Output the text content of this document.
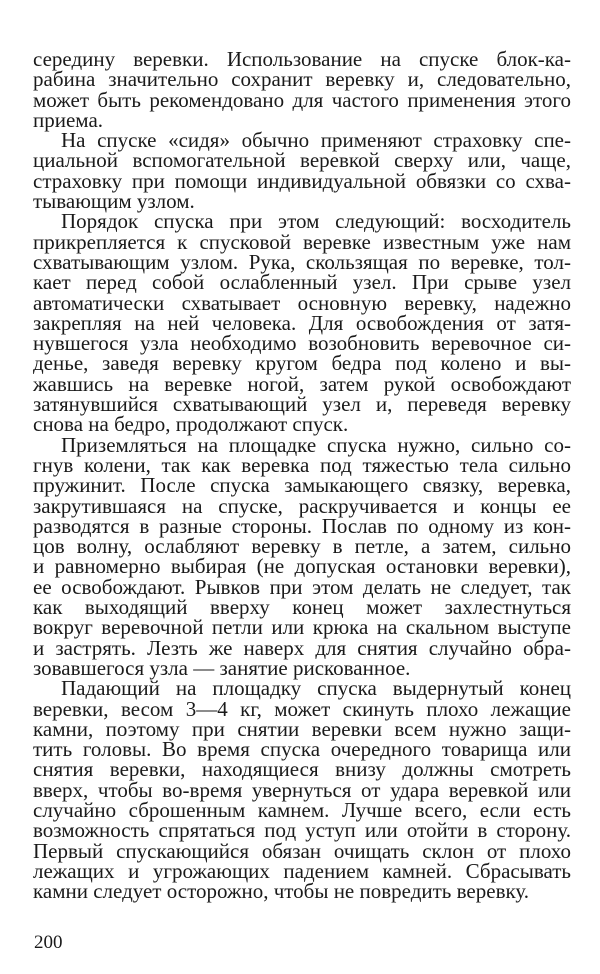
середину веревки. Использование на спуске блок-ка-
рабина значительно сохранит веревку и, следовательно,
может быть рекомендовано для частого применения этого
приема.
На спуске «сидя» обычно применяют страховку спе-
циальной вспомогательной веревкой сверху или, чаще,
страховку при помощи индивидуальной обвязки со схва-
тывающим узлом.
Порядок спуска при этом следующий: восходитель
прикрепляется к спусковой веревке известным уже нам
схватывающим узлом. Рука, скользящая по веревке, тол-
кает перед собой ослабленный узел. При срыве узел
автоматически схватывает основную веревку, надежно
закрепляя на ней человека. Для освобождения от затя-
нувшегося узла необходимо возобновить веревочное си-
денье, заведя веревку кругом бедра под колено и вы-
жавшись на веревке ногой, затем рукой освобождают
затянувшийся схватывающий узел и, переведя веревку
снова на бедро, продолжают спуск.
Приземляться на площадке спуска нужно, сильно со-
гнув колени, так как веревка под тяжестью тела сильно
пружинит. После спуска замыкающего связку, веревка,
закрутившаяся на спуске, раскручивается и концы ее
разводятся в разные стороны. Послав по одному из кон-
цов волну, ослабляют веревку в петле, а затем, сильно
и равномерно выбирая (не допуская остановки веревки),
ее освобождают. Рывков при этом делать не следует, так
как выходящий вверху конец может захлестнуться
вокруг веревочной петли или крюка на скальном выступе
и застрять. Лезть же наверх для снятия случайно обра-
зовавшегося узла — занятие рискованное.
Падающий на площадку спуска выдернутый конец
веревки, весом 3—4 кг, может скинуть плохо лежащие
камни, поэтому при снятии веревки всем нужно защи-
тить головы. Во время спуска очередного товарища или
снятия веревки, находящиеся внизу должны смотреть
вверх, чтобы во-время увернуться от удара веревкой или
случайно сброшенным камнем. Лучше всего, если есть
возможность спрятаться под уступ или отойти в сторону.
Первый спускающийся обязан очищать склон от плохо
лежащих и угрожающих падением камней. Сбрасывать
камни следует осторожно, чтобы не повредить веревку.
200
